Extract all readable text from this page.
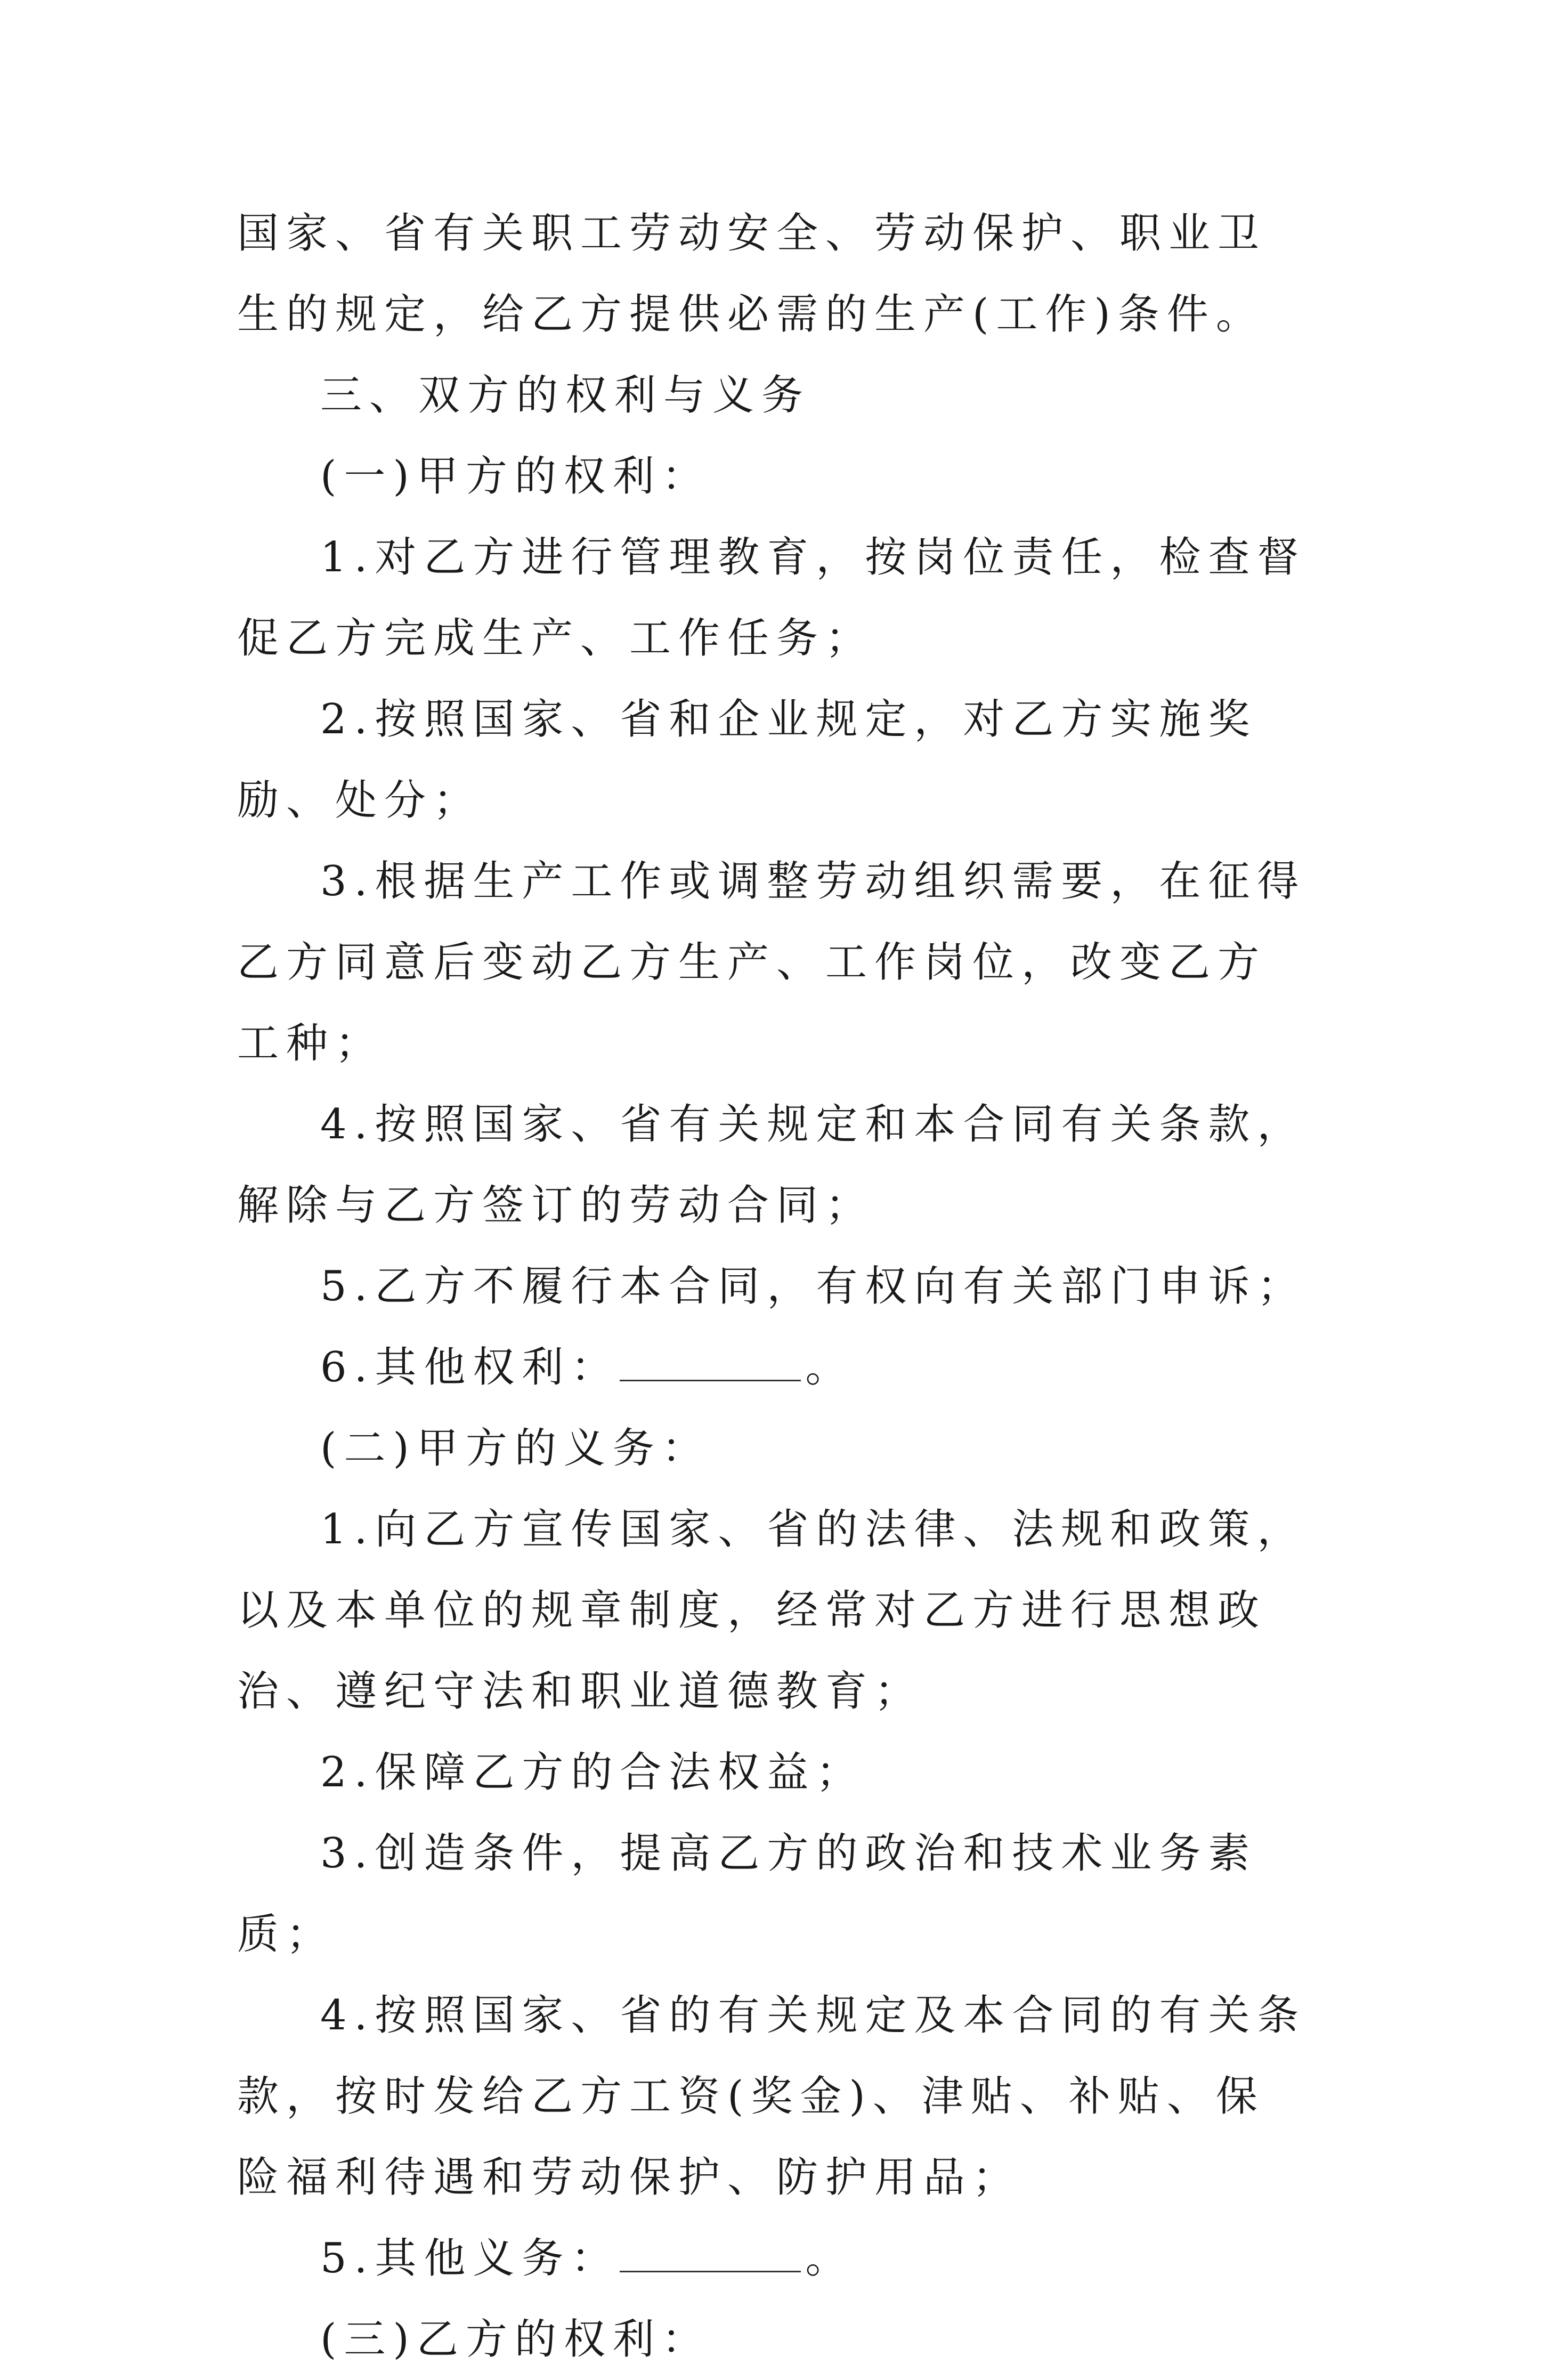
国家、省有关职工劳动安全、劳动保护、职业卫生的规定，给乙方提供必需的生产(工作)条件。

三、双方的权利与义务

(一)甲方的权利：

1.对乙方进行管理教育，按岗位责任，检查督促乙方完成生产、工作任务；

2.按照国家、省和企业规定，对乙方实施奖励、处分；

3.根据生产工作或调整劳动组织需要，在征得乙方同意后变动乙方生产、工作岗位，改变乙方工种；

4.按照国家、省有关规定和本合同有关条款，解除与乙方签订的劳动合同；

5.乙方不履行本合同，有权向有关部门申诉；

6.其他权利：	。

(二)甲方的义务：

1.向乙方宣传国家、省的法律、法规和政策，以及本单位的规章制度，经常对乙方进行思想政治、遵纪守法和职业道德教育；

2.保障乙方的合法权益；

3.创造条件，提高乙方的政治和技术业务素质；

4.按照国家、省的有关规定及本合同的有关条款，按时发给乙方工资(奖金)、津贴、补贴、保险福利待遇和劳动保护、防护用品；

5.其他义务：	。

(三)乙方的权利：
